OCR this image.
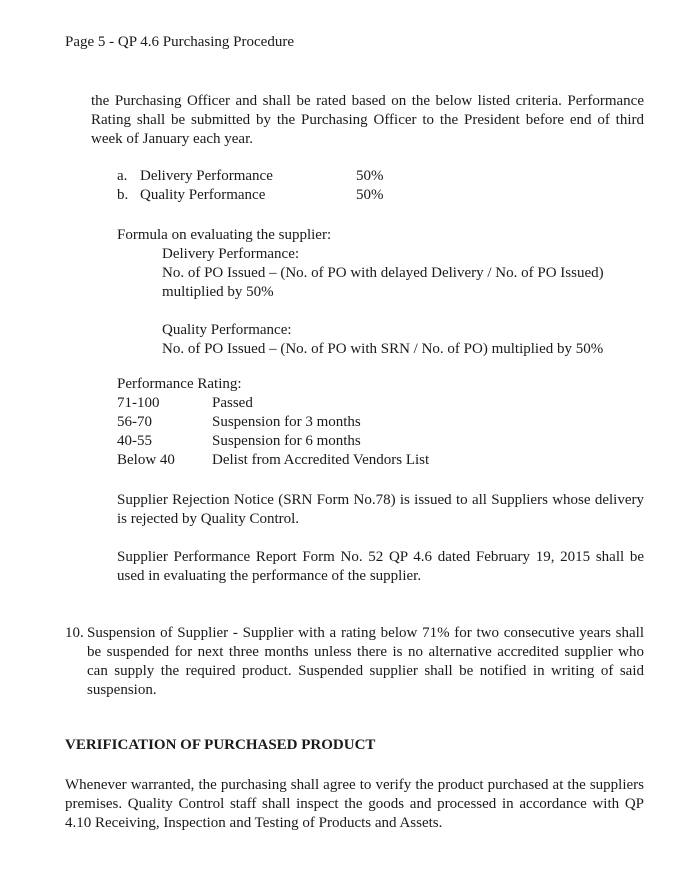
Page 5 - QP 4.6 Purchasing Procedure

the Purchasing Officer and shall be rated based on the below listed criteria. Performance Rating shall be submitted by the Purchasing Officer to the President before end of third week of January each year.

a. Delivery Performance	50%
b. Quality Performance	50%
Formula on evaluating the supplier:
Delivery Performance:
No. of PO Issued – (No. of PO with delayed Delivery / No. of PO Issued)
multiplied by 50%
Quality Performance:
No. of PO Issued – (No. of PO with SRN / No. of PO) multiplied by 50%
Performance Rating:
71-100	Passed
56-70	Suspension for 3 months
40-55	Suspension for 6 months
Below 40	Delist from Accredited Vendors List

Supplier Rejection Notice (SRN Form No.78) is issued to all Suppliers whose delivery is rejected by Quality Control.

Supplier Performance Report Form No. 52 QP 4.6 dated February 19, 2015 shall be used in evaluating the performance of the supplier.

10. Suspension of Supplier - Supplier with a rating below 71% for two consecutive years shall be suspended for next three months unless there is no alternative accredited supplier who can supply the required product. Suspended supplier shall be notified in writing of said suspension.
VERIFICATION OF PURCHASED PRODUCT

Whenever warranted, the purchasing shall agree to verify the product purchased at the suppliers premises. Quality Control staff shall inspect the goods and processed in accordance with QP 4.10 Receiving, Inspection and Testing of Products and Assets.
